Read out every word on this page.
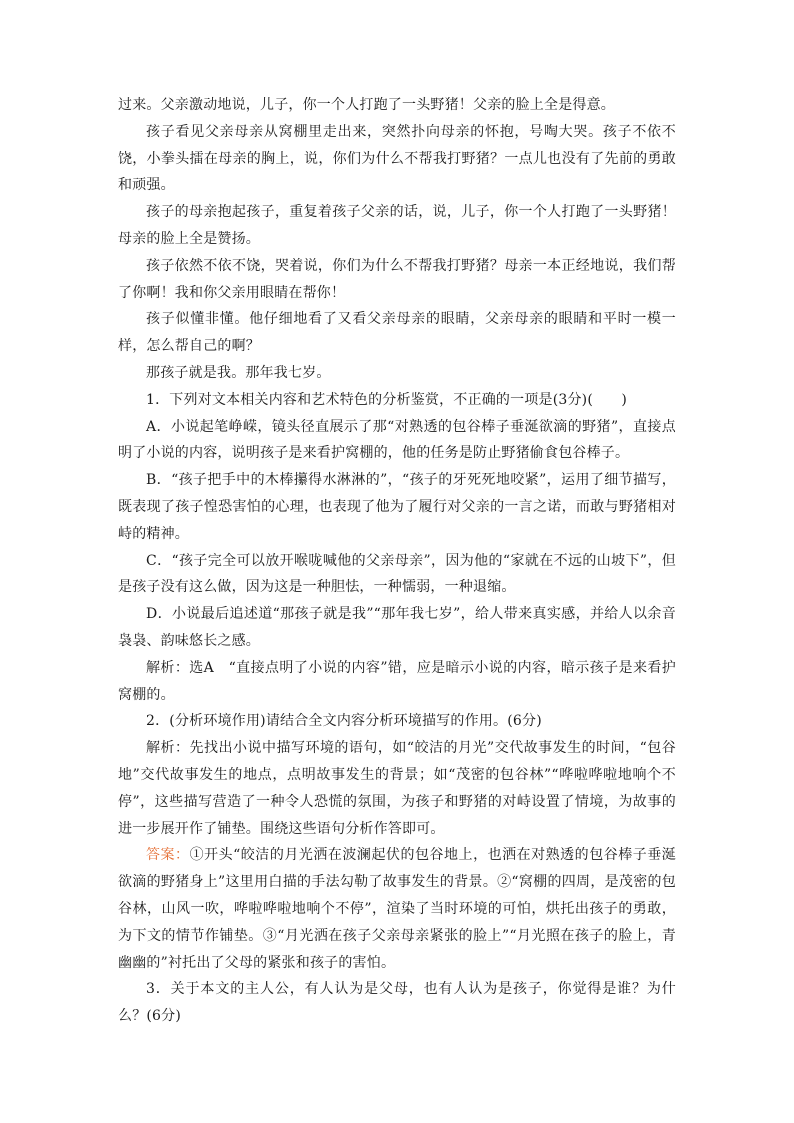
过来。父亲激动地说，儿子，你一个人打跑了一头野猪！父亲的脸上全是得意。

孩子看见父亲母亲从窝棚里走出来，突然扑向母亲的怀抱，号啕大哭。孩子不依不饶，小拳头擂在母亲的胸上，说，你们为什么不帮我打野猪？一点儿也没有了先前的勇敢和顽强。

孩子的母亲抱起孩子，重复着孩子父亲的话，说，儿子，你一个人打跑了一头野猪！母亲的脸上全是赞扬。

孩子依然不依不饶，哭着说，你们为什么不帮我打野猪？母亲一本正经地说，我们帮了你啊！我和你父亲用眼睛在帮你！

孩子似懂非懂。他仔细地看了又看父亲母亲的眼睛，父亲母亲的眼睛和平时一模一样，怎么帮自己的啊？

那孩子就是我。那年我七岁。

1．下列对文本相关内容和艺术特色的分析鉴赏，不正确的一项是(3分)(　　)

A．小说起笔峥嵘，镜头径直展示了那“对熟透的包谷棒子垂涎欲滴的野猪”，直接点明了小说的内容，说明孩子是来看护窝棚的，他的任务是防止野猪偷食包谷棒子。

B．“孩子把手中的木棒攥得水淋淋的”，“孩子的牙死死地咬紧”，运用了细节描写，既表现了孩子惶恐害怕的心理，也表现了他为了履行对父亲的一言之诺，而敢与野猪相对峙的精神。

C．“孩子完全可以放开喉咙喊他的父亲母亲”，因为他的“家就在不远的山坡下”，但是孩子没有这么做，因为这是一种胆怯，一种懦弱，一种退缩。

D．小说最后追述道“那孩子就是我”“那年我七岁”，给人带来真实感，并给人以余音袅袅、韵味悠长之感。

解析：选A　“直接点明了小说的内容”错，应是暗示小说的内容，暗示孩子是来看护窝棚的。

2．(分析环境作用)请结合全文内容分析环境描写的作用。(6分)

解析：先找出小说中描写环境的语句，如“皎洁的月光”交代故事发生的时间，“包谷地”交代故事发生的地点，点明故事发生的背景；如“茂密的包谷林”“哗啦哗啦地响个不停”，这些描写营造了一种令人恐慌的氛围，为孩子和野猪的对峙设置了情境，为故事的进一步展开作了铺垫。围绕这些语句分析作答即可。

答案：①开头“皎洁的月光洒在波澜起伏的包谷地上，也洒在对熟透的包谷棒子垂涎欲滴的野猪身上”这里用白描的手法勾勒了故事发生的背景。②“窝棚的四周，是茂密的包谷林，山风一吹，哗啦哗啦地响个不停”，渲染了当时环境的可怕，烘托出孩子的勇敢，为下文的情节作铺垫。③“月光洒在孩子父亲母亲紧张的脸上”“月光照在孩子的脸上，青幽幽的”衬托出了父母的紧张和孩子的害怕。

3．关于本文的主人公，有人认为是父母，也有人认为是孩子，你觉得是谁？为什么？(6分)
